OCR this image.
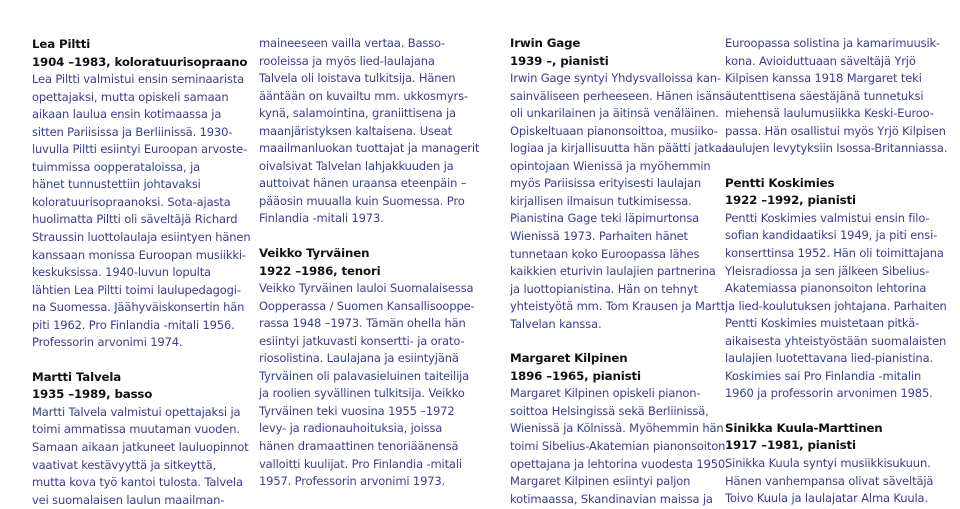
Lea Piltti
1904 –1983, koloratuurisopraano
Lea Piltti valmistui ensin seminaarista
opettajaksi, mutta opiskeli samaan
aikaan laulua ensin kotimaassa ja
sitten Pariisissa ja Berliinissä. 1930-
luvulla Piltti esiintyi Euroopan arvoste-
tuimmissa oopperataloissa, ja
hänet tunnustettiin johtavaksi
koloratuurisopraanoksi. Sota-ajasta
huolimatta Piltti oli säveltäjä Richard
Straussin luottolaulaja esiintyen hänen
kanssaan monissa Euroopan musiikki-
keskuksissa. 1940-luvun lopulta
lähtien Lea Piltti toimi laulupedagogi-
na Suomessa. Jäähyväiskonsertin hän
piti 1962. Pro Finlandia -mitali 1956.
Professorin arvonimi 1974.
Martti Talvela
1935 –1989, basso
Martti Talvela valmistui opettajaksi ja
toimi ammatissa muutaman vuoden.
Samaan aikaan jatkuneet lauluopinnot
vaativat kestävyyttä ja sitkeyttä,
mutta kova työ kantoi tulosta. Talvela
vei suomalaisen laulun maailman-
maineeseen vailla vertaa. Basso-
rooleissa ja myös lied-laulajana
Talvela oli loistava tulkitsija. Hänen
ääntään on kuvailtu mm. ukkosmyrs-
kynä, salamointina, graniittisena ja
maanjäristyksen kaltaisena. Useat
maailmanluokan tuottajat ja managerit
oivalsivat Talvelan lahjakkuuden ja
auttoivat hänen uraansa eteenpäin –
pääosin muualla kuin Suomessa. Pro
Finlandia -mitali 1973.
Veikko Tyrväinen
1922 –1986, tenori
Veikko Tyrväinen lauloi Suomalaisessa
Oopperassa / Suomen Kansallisooppe-
rassa 1948 –1973. Tämän ohella hän
esiintyi jatkuvasti konsertti- ja orato-
riosolistina. Laulajana ja esiintyjänä
Tyrväinen oli palavasieluinen taiteilija
ja roolien syvällinen tulkitsija. Veikko
Tyrväinen teki vuosina 1955 –1972
levy- ja radionauhoituksia, joissa
hänen dramaattinen tenoriäänensä
valloitti kuulijat. Pro Finlandia -mitali
1957. Professorin arvonimi 1973.
Irwin Gage
1939 –, pianisti
Irwin Gage syntyi Yhdysvalloissa kan-
sainväliseen perheeseen. Hänen isänsä
oli unkarilainen ja äitinsä venäläinen.
Opiskeltuaan pianonsoittoa, musiiko-
logiaa ja kirjallisuutta hän päätti jatkaa
opintojaan Wienissä ja myöhemmin
myös Pariisissa erityisesti laulajan
kirjallisen ilmaisun tutkimisessa.
Pianistina Gage teki läpimurtonsa
Wienissä 1973. Parhaiten hänet
tunnetaan koko Euroopassa lähes
kaikkien eturivin laulajien partnerina
ja luottopianistina. Hän on tehnyt
yhteistyötä mm. Tom Krausen ja Martti
Talvelan kanssa.
Margaret Kilpinen
1896 –1965, pianisti
Margaret Kilpinen opiskeli pianon-
soittoa Helsingissä sekä Berliinissä,
Wienissä ja Kölnissä. Myöhemmin hän
toimi Sibelius-Akatemian pianonsoiton
opettajana ja lehtorina vuodesta 1950.
Margaret Kilpinen esiintyi paljon
kotimaassa, Skandinavian maissa ja
Euroopassa solistina ja kamarimuusik-
kona. Avioiduttuaan säveltäjä Yrjö
Kilpisen kanssa 1918 Margaret teki
autenttisena säestäjänä tunnetuksi
miehensä laulumusiikka Keski-Euroo-
passa. Hän osallistui myös Yrjö Kilpisen
laulujen levytyksiin Isossa-Britanniassa.
Pentti Koskimies
1922 –1992, pianisti
Pentti Koskimies valmistui ensin filo-
sofian kandidaatiksi 1949, ja piti ensi-
konserttinsa 1952. Hän oli toimittajana
Yleisradiossa ja sen jälkeen Sibelius-
Akatemiassa pianonsoiton lehtorina
ja lied-koulutuksen johtajana. Parhaiten
Pentti Koskimies muistetaan pitkä-
aikaisesta yhteistyöstään suomalaisten
laulajien luotettavana lied-pianistina.
Koskimies sai Pro Finlandia -mitalin
1960 ja professorin arvonimen 1985.
Sinikka Kuula-Marttinen
1917 –1981, pianisti
Sinikka Kuula syntyi musiikkisukuun.
Hänen vanhempansa olivat säveltäjä
Toivo Kuula ja laulajatar Alma Kuula.
